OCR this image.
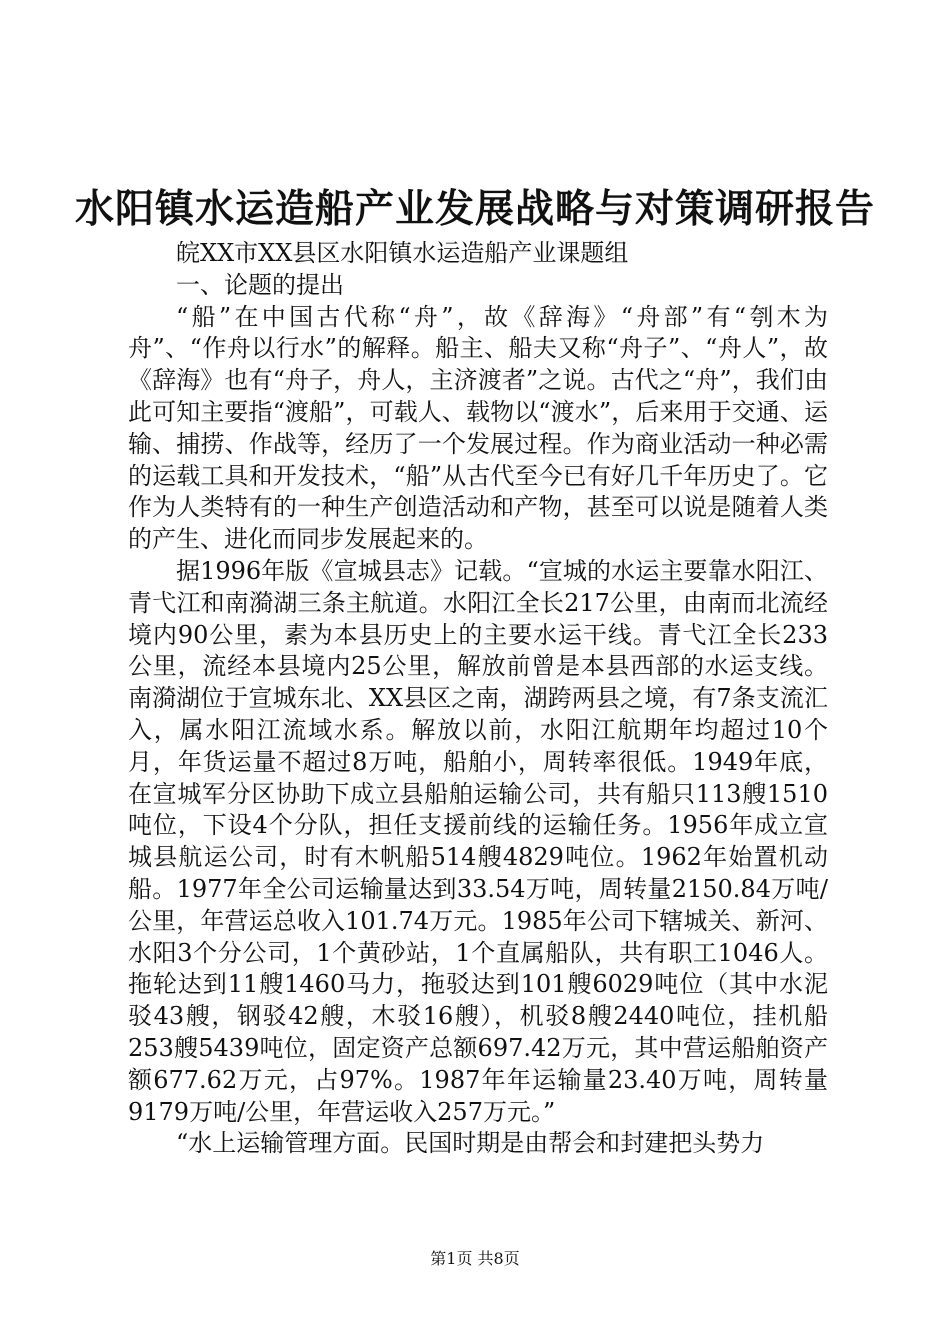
水阳镇水运造船产业发展战略与对策调研报告

皖XX市XX县区水阳镇水运造船产业课题组

一、论题的提出

“船”在中国古代称“舟”，故《辞海》“舟部”有“刳木为舟”、“作舟以行水”的解释。船主、船夫又称“舟子”、“舟人”，故《辞海》也有“舟子，舟人，主济渡者”之说。古代之“舟”，我们由此可知主要指“渡船”，可载人、载物以“渡水”，后来用于交通、运输、捕捞、作战等，经历了一个发展过程。作为商业活动一种必需的运载工具和开发技术，“船”从古代至今已有好几千年历史了。它作为人类特有的一种生产创造活动和产物，甚至可以说是随着人类的产生、进化而同步发展起来的。

据1996年版《宣城县志》记载。“宣城的水运主要靠水阳江、青弋江和南漪湖三条主航道。水阳江全长217公里，由南而北流经境内90公里，素为本县历史上的主要水运干线。青弋江全长233公里，流经本县境内25公里，解放前曾是本县西部的水运支线。南漪湖位于宣城东北、XX县区之南，湖跨两县之境，有7条支流汇入，属水阳江流域水系。解放以前，水阳江航期年均超过10个月，年货运量不超过8万吨，船舶小，周转率很低。1949年底，在宣城军分区协助下成立县船舶运输公司，共有船只113艘1510吨位，下设4个分队，担任支援前线的运输任务。1956年成立宣城县航运公司，时有木帆船514艘4829吨位。1962年始置机动船。1977年全公司运输量达到33.54万吨，周转量2150.84万吨/公里，年营运总收入101.74万元。1985年公司下辖城关、新河、水阳3个分公司，1个黄砂站，1个直属船队，共有职工1046人。拖轮达到11艘1460马力，拖驳达到101艘6029吨位（其中水泥驳43艘，钢驳42艘，木驳16艘），机驳8艘2440吨位，挂机船253艘5439吨位，固定资产总额697.42万元，其中营运船舶资产额677.62万元，占97%。1987年年运输量23.40万吨，周转量9179万吨/公里，年营运收入257万元。”

“水上运输管理方面。民国时期是由帮会和封建把头势力

第1页 共8页
